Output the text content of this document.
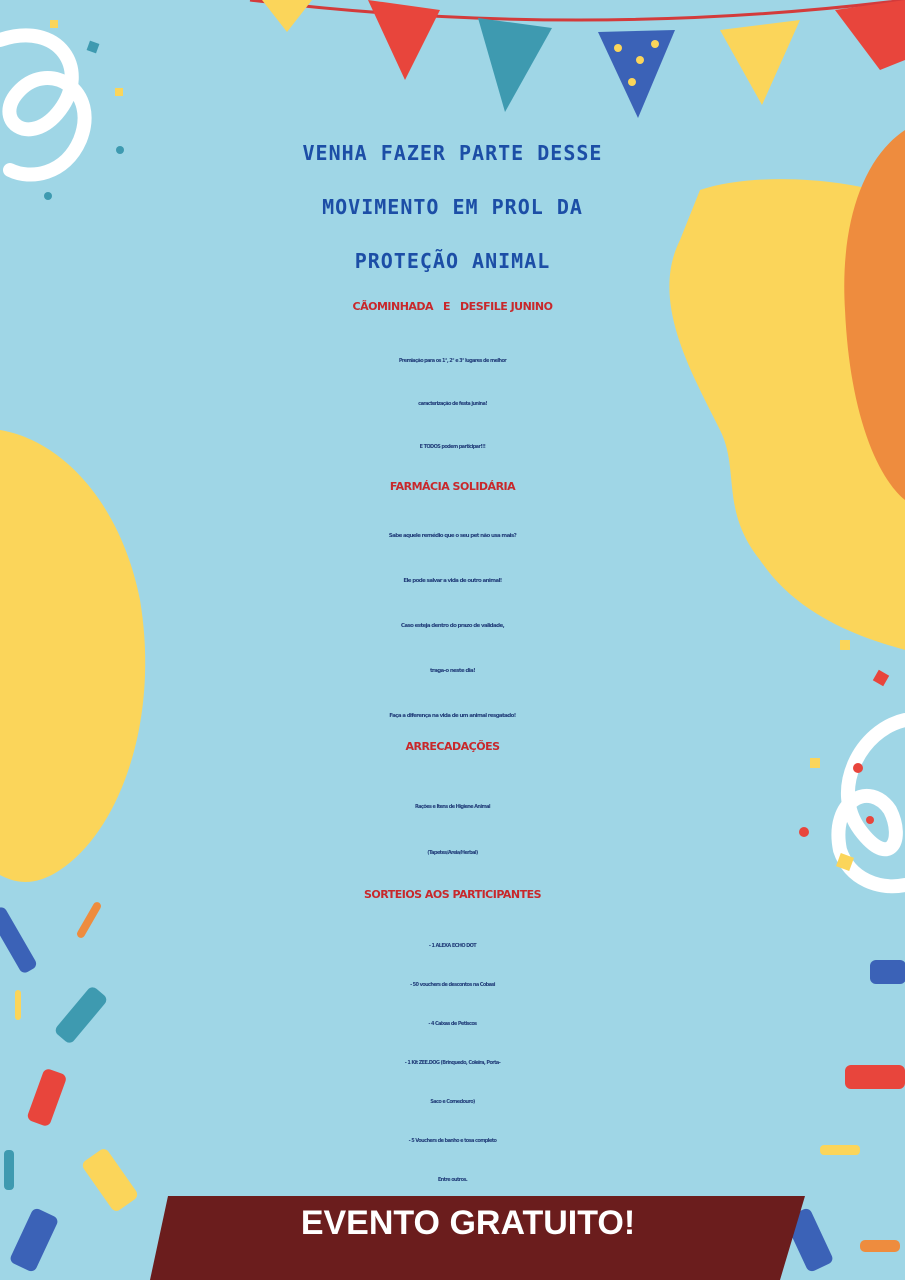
VENHA FAZER PARTE DESSE
MOVIMENTO EM PROL DA
PROTEÇÃO ANIMAL
CÃOMINHADA   E   DESFILE JUNINO
Premiação para os 1°, 2° e 3° lugares de melhor
caracterização de festa junina!
E TODOS podem participar!!!
FARMÁCIA SOLIDÁRIA
Sabe aquele remédio que o seu pet não usa mais?
Ele pode salvar a vida de outro animal!
Caso esteja dentro do prazo de validade,
traga-o neste dia!
Faça a diferença na vida de um animal resgatado!
ARRECADAÇÕES
Rações e Itens de Higiene Animal
(Tapetes/Areia/Herbal)
SORTEIOS AOS PARTICIPANTES
- 1 ALEXA ECHO DOT
- 50 vouchers de descontos na Cobasi
- 4 Caixas de Petiscos
- 1 Kit ZEE.DOG (Brinquedo, Coleira, Porta-
Saco e Comedouro)
- 5 Vouchers de banho e tosa completo
Entre outros.
EVENTO GRATUITO!
